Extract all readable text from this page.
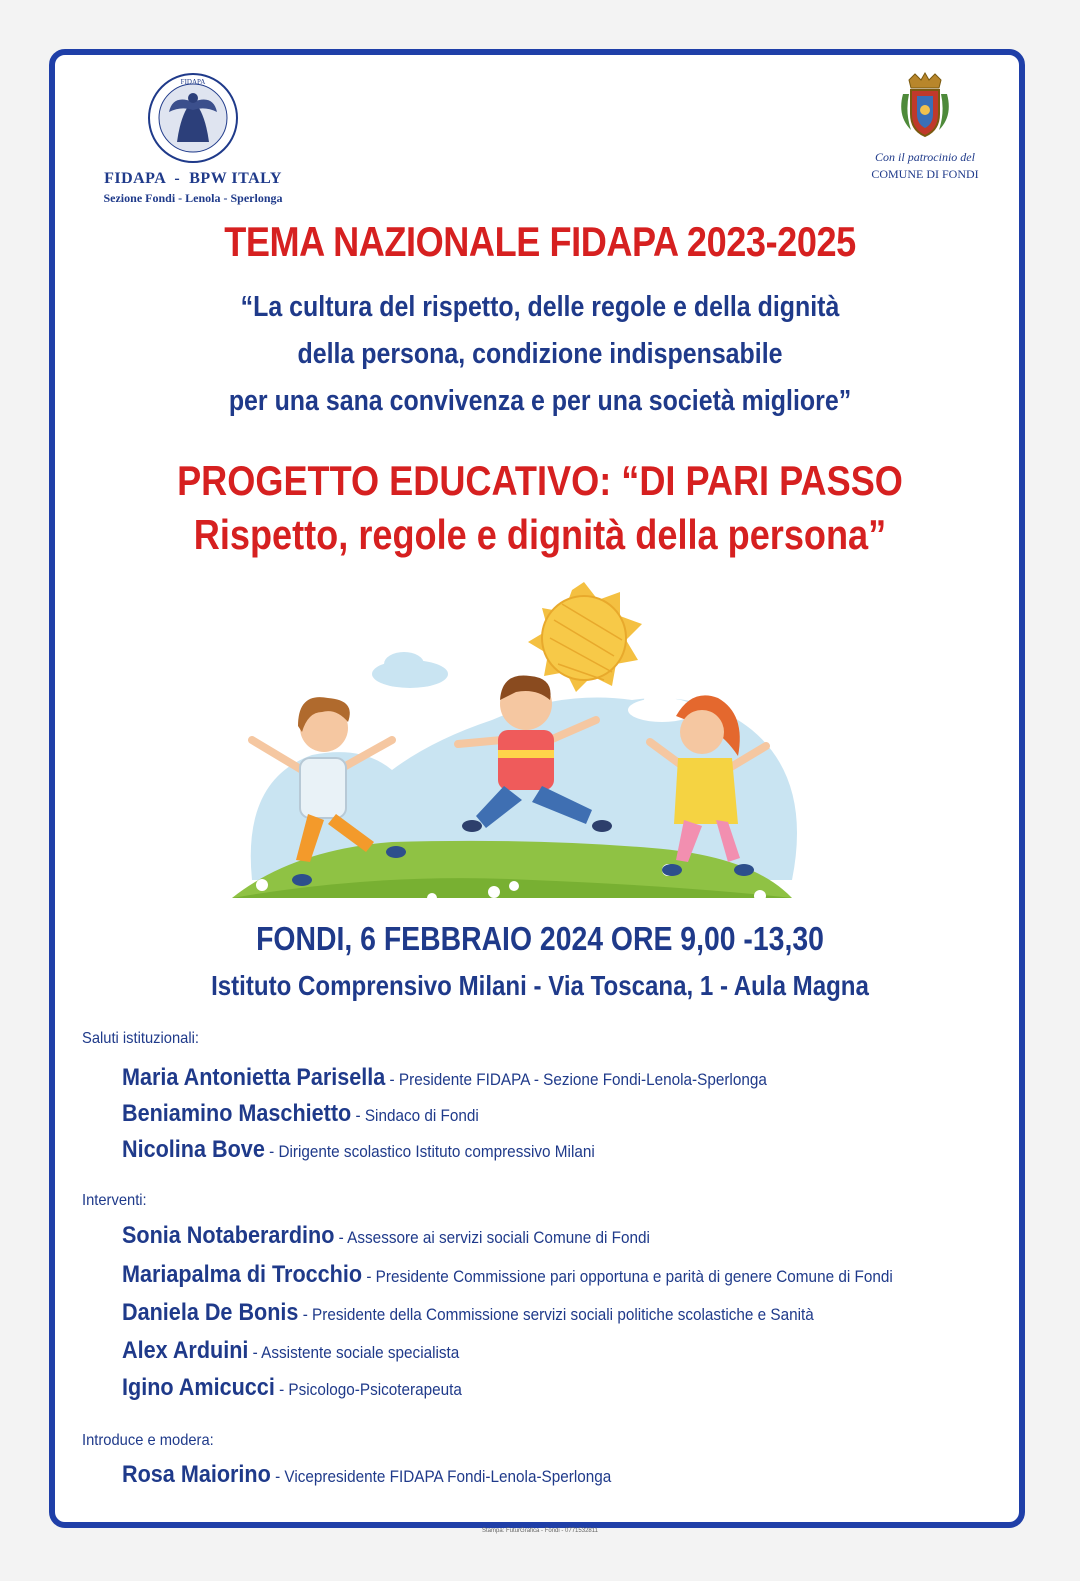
FIDAPA
FIDAPA  -  BPW ITALY
Sezione Fondi - Lenola - Sperlonga
Con il patrocinio del
COMUNE DI FONDI
TEMA NAZIONALE FIDAPA 2023-2025
“La cultura del rispetto, delle regole e della dignità
della persona, condizione indispensabile
per una sana convivenza e per una società migliore”
PROGETTO EDUCATIVO: “DI PARI PASSO
Rispetto, regole e dignità della persona”
FONDI, 6 FEBBRAIO 2024 ORE 9,00 -13,30
Istituto Comprensivo Milani - Via Toscana, 1 - Aula Magna
Saluti istituzionali:
Maria Antonietta Parisella - Presidente FIDAPA - Sezione Fondi-Lenola-Sperlonga
Beniamino Maschietto - Sindaco di Fondi
Nicolina Bove - Dirigente scolastico Istituto compressivo Milani
Interventi:
Sonia Notaberardino - Assessore ai servizi sociali Comune di Fondi
Mariapalma di Trocchio - Presidente Commissione pari opportuna e parità di genere Comune di Fondi
Daniela De Bonis - Presidente della Commissione servizi sociali politiche scolastiche e Sanità
Alex Arduini - Assistente sociale specialista
Igino Amicucci - Psicologo-Psicoterapeuta
Introduce e modera:
Rosa Maiorino - Vicepresidente FIDAPA Fondi-Lenola-Sperlonga
Stampa: FuturGrafica - Fondi - 0771532811
